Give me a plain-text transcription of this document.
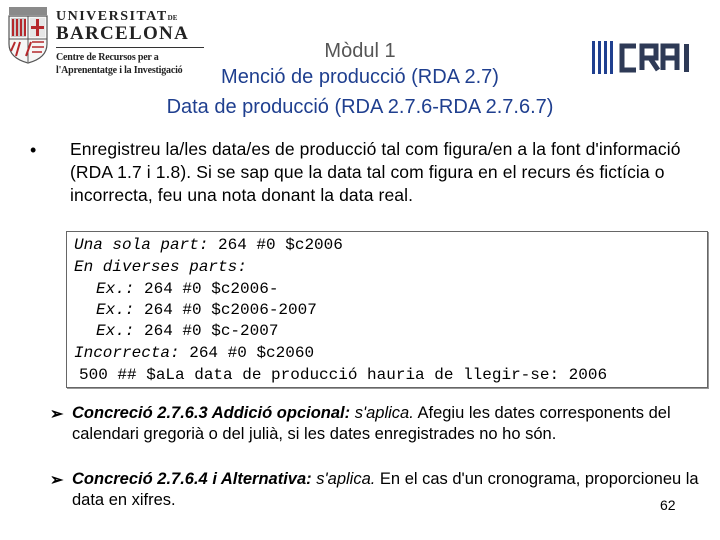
UNIVERSITATDE
BARCELONA
Centre de Recursos per a
l'Aprenentatge i la Investigació
Mòdul 1
Menció de producció (RDA 2.7)
Data de producció (RDA 2.7.6-RDA 2.7.6.7)
• Enregistreu la/les data/es de producció tal com figura/en a la font d'informació (RDA 1.7 i 1.8). Si se sap que la data tal com figura en el recurs és fictícia o incorrecta, feu una nota donant la data real.
Una sola part: 264 #0 $c2006
En diverses parts:
Ex.: 264 #0 $c2006-
Ex.: 264 #0 $c2006-2007
Ex.: 264 #0 $c-2007
Incorrecta: 264 #0 $c2060
500 ## $aLa data de producció hauria de llegir-se: 2006
➢ Concreció 2.7.6.3 Addició opcional: s'aplica. Afegiu les dates corresponents del calendari gregorià o del julià, si les dates enregistrades no ho són.
➢ Concreció 2.7.6.4 i Alternativa: s'aplica. En el cas d'un cronograma, proporcioneu la data en xifres.	62
